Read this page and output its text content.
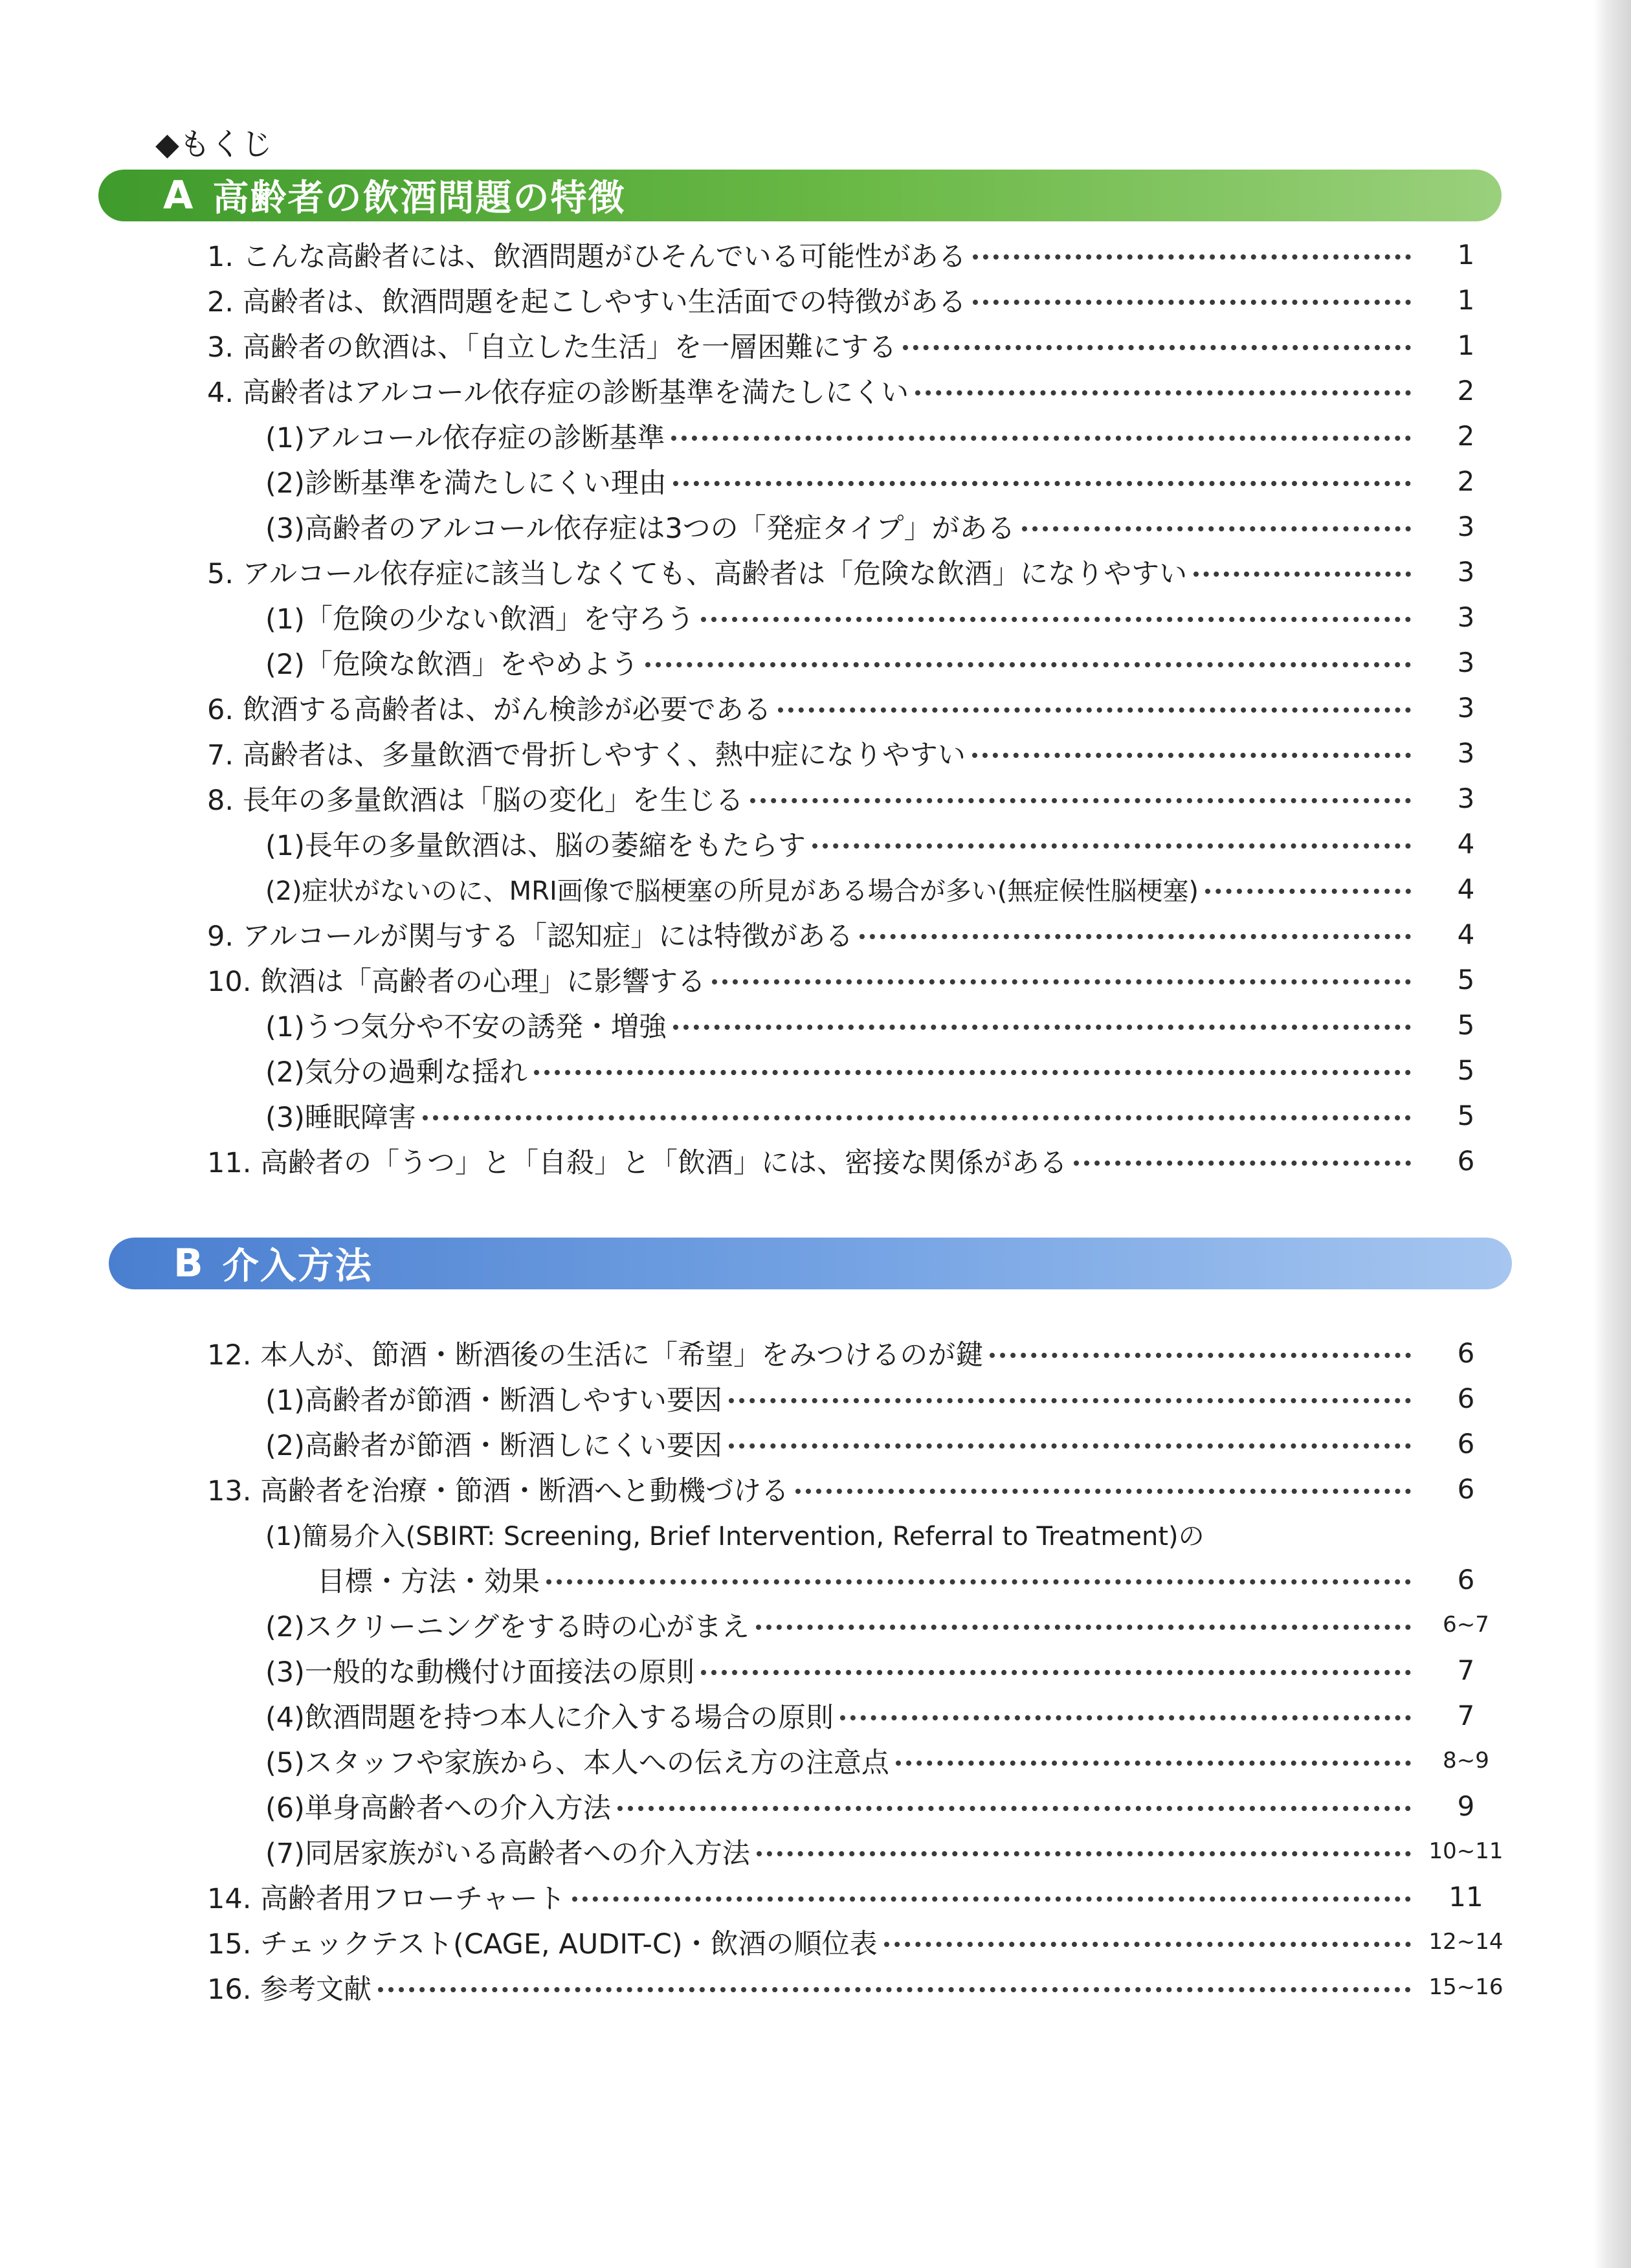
◆もくじ
A 高齢者の飲酒問題の特徴
B 介入方法
1. こんな高齢者には、飲酒問題がひそんでいる可能性がある	1
2. 高齢者は、飲酒問題を起こしやすい生活面での特徴がある	1
3. 高齢者の飲酒は、「自立した生活」を一層困難にする	1
4. 高齢者はアルコール依存症の診断基準を満たしにくい	2
(1)アルコール依存症の診断基準	2
(2)診断基準を満たしにくい理由	2
(3)高齢者のアルコール依存症は3つの「発症タイプ」がある	3
5. アルコール依存症に該当しなくても、高齢者は「危険な飲酒」になりやすい	3
(1)「危険の少ない飲酒」を守ろう	3
(2)「危険な飲酒」をやめよう	3
6. 飲酒する高齢者は、がん検診が必要である	3
7. 高齢者は、多量飲酒で骨折しやすく、熱中症になりやすい	3
8. 長年の多量飲酒は「脳の変化」を生じる	3
(1)長年の多量飲酒は、脳の萎縮をもたらす	4
(2)症状がないのに、MRI画像で脳梗塞の所見がある場合が多い(無症候性脳梗塞)	4
9. アルコールが関与する「認知症」には特徴がある	4
10. 飲酒は「高齢者の心理」に影響する	5
(1)うつ気分や不安の誘発・増強	5
(2)気分の過剰な揺れ	5
(3)睡眠障害	5
11. 高齢者の「うつ」と「自殺」と「飲酒」には、密接な関係がある	6
12. 本人が、節酒・断酒後の生活に「希望」をみつけるのが鍵	6
(1)高齢者が節酒・断酒しやすい要因	6
(2)高齢者が節酒・断酒しにくい要因	6
13. 高齢者を治療・節酒・断酒へと動機づける	6
(1)簡易介入(SBIRT: Screening, Brief Intervention, Referral to Treatment)の
目標・方法・効果	6
(2)スクリーニングをする時の心がまえ	6~7
(3)一般的な動機付け面接法の原則	7
(4)飲酒問題を持つ本人に介入する場合の原則	7
(5)スタッフや家族から、本人への伝え方の注意点	8~9
(6)単身高齢者への介入方法	9
(7)同居家族がいる高齢者への介入方法	10~11
14. 高齢者用フローチャート	11
15. チェックテスト(CAGE, AUDIT-C)・飲酒の順位表	12~14
16. 参考文献	15~16
